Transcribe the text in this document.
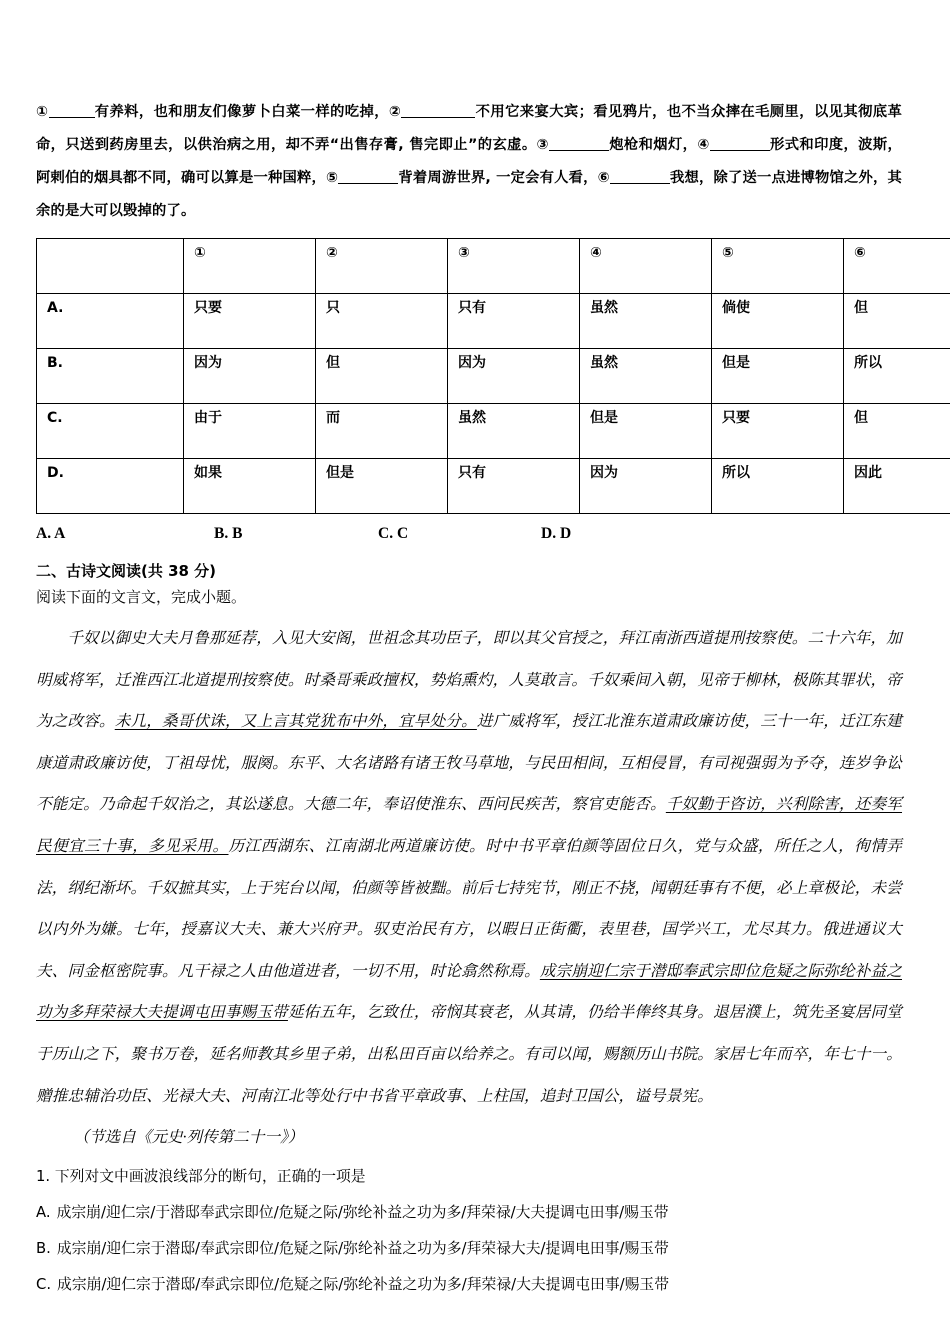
①	有养料，也和朋友们像萝卜白菜一样的吃掉，②	不用它来宴大宾；看见鸦片，也不当众摔在毛厕里，以见其彻底革命，只送到药房里去，以供治病之用，却不弄“出售存膏, 售完即止”的玄虚。③	炮枪和烟灯，④	形式和印度，波斯，阿剌伯的烟具都不同，确可以算是一种国粹，⑤	背着周游世界, 一定会有人看，⑥	我想，除了送一点进博物馆之外，其余的是大可以毁掉的了。

	①	②	③	④	⑤	⑥
A.	只要	只	只有	虽然	倘使	但
B.	因为	但	因为	虽然	但是	所以
C.	由于	而	虽然	但是	只要	但
D.	如果	但是	只有	因为	所以	因此
A. A	B. B	C. C	D. D
二、古诗文阅读(共 38 分)
阅读下面的文言文，完成小题。

千奴以御史大夫月鲁那延荐，入见大安阁，世祖念其功臣子，即以其父官授之，拜江南浙西道提刑按察使。二十六年，加明威将军，迁淮西江北道提刑按察使。时桑哥乘政擅权，势焰熏灼，人莫敢言。千奴乘间入朝，见帝于柳林，极陈其罪状，帝为之改容。未几，桑哥伏诛，又上言其党犹布中外，宜早处分。进广威将军，授江北淮东道肃政廉访使，三十一年，迁江东建康道肃政廉访使，丁祖母忧，服阕。东平、大名诸路有诸王牧马草地，与民田相间，互相侵冒，有司视强弱为予夺，连岁争讼不能定。乃命起千奴治之，其讼遂息。大德二年，奉诏使淮东、西问民疾苦，察官吏能否。千奴勤于咨访，兴利除害，还奏军民便宜三十事，多见采用。历江西湖东、江南湖北两道廉访使。时中书平章伯颜等固位日久，党与众盛，所任之人，徇情弄法，纲纪渐坏。千奴摭其实，上于宪台以闻，伯颜等皆被黜。前后七持宪节，刚正不挠，闻朝廷事有不便，必上章极论，未尝以内外为嫌。七年，授嘉议大夫、兼大兴府尹。驭吏治民有方，以暇日正街衢，表里巷，国学兴工，尤尽其力。俄进通议大夫、同金枢密院事。凡干禄之人由他道进者，一切不用，时论翕然称焉。成宗崩迎仁宗于潜邸奉武宗即位危疑之际弥纶补益之功为多拜荣禄大夫提调屯田事赐玉带延佑五年，乞致仕，帝悯其衰老，从其请，仍给半俸终其身。退居濮上，筑先圣宴居同堂于历山之下，聚书万卷，延名师教其乡里子弟，出私田百亩以给养之。有司以闻，赐额历山书院。家居七年而卒，年七十一。赠推忠辅治功臣、光禄大夫、河南江北等处行中书省平章政事、上柱国，追封卫国公，谥号景宪。

（节选自《元史·列传第二十一》）
1. 下列对文中画波浪线部分的断句，正确的一项是
A. 成宗崩/迎仁宗/于潜邸奉武宗即位/危疑之际/弥纶补益之功为多/拜荣禄/大夫提调屯田事/赐玉带
B. 成宗崩/迎仁宗于潜邸/奉武宗即位/危疑之际/弥纶补益之功为多/拜荣禄大夫/提调电田事/赐玉带
C. 成宗崩/迎仁宗于潜邸/奉武宗即位/危疑之际/弥纶补益之功为多/拜荣禄/大夫提调屯田事/赐玉带
